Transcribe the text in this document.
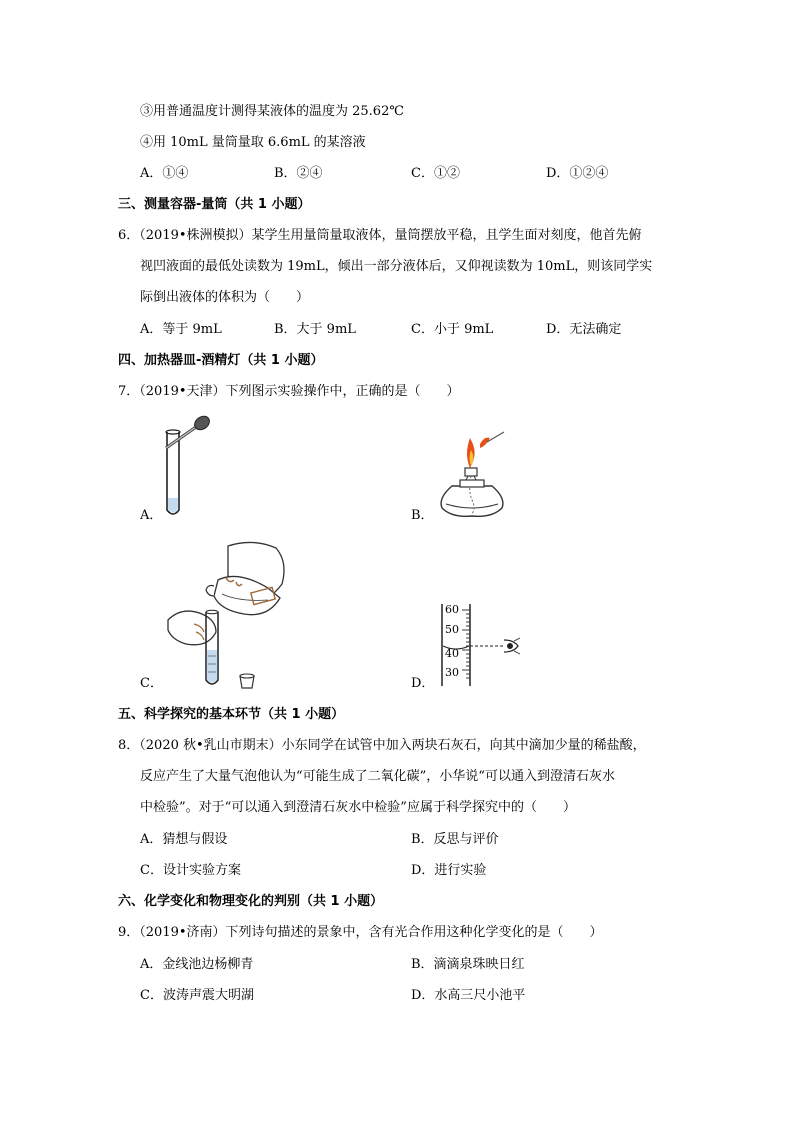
③用普通温度计测得某液体的温度为 25.62℃
④用 10mL 量筒量取 6.6mL 的某溶液
A．①④	B．②④	C．①②	D．①②④
三、测量容器-量筒（共 1 小题）
6．（2019•株洲模拟）某学生用量筒量取液体，量筒摆放平稳，且学生面对刻度，他首先俯
视凹液面的最低处读数为 19mL，倾出一部分液体后，又仰视读数为 10mL，则该同学实
际倒出液体的体积为（　　）
A．等于 9mL	B．大于 9mL	C．小于 9mL	D．无法确定
四、加热器皿-酒精灯（共 1 小题）
7．（2019•天津）下列图示实验操作中，正确的是（　　）
A．	B．
C．
60
50
40
30
D．
五、科学探究的基本环节（共 1 小题）
8．（2020 秋•乳山市期末）小东同学在试管中加入两块石灰石，向其中滴加少量的稀盐酸，
反应产生了大量气泡他认为“可能生成了二氧化碳”，小华说“可以通入到澄清石灰水
中检验”。对于“可以通入到澄清石灰水中检验”应属于科学探究中的（　　）
A．猜想与假设	B．反思与评价
C．设计实验方案	D．进行实验
六、化学变化和物理变化的判别（共 1 小题）
9．（2019•济南）下列诗句描述的景象中，含有光合作用这种化学变化的是（　　）
A．金线池边杨柳青	B．滴滴泉珠映日红
C．波涛声震大明湖	D．水高三尺小池平
